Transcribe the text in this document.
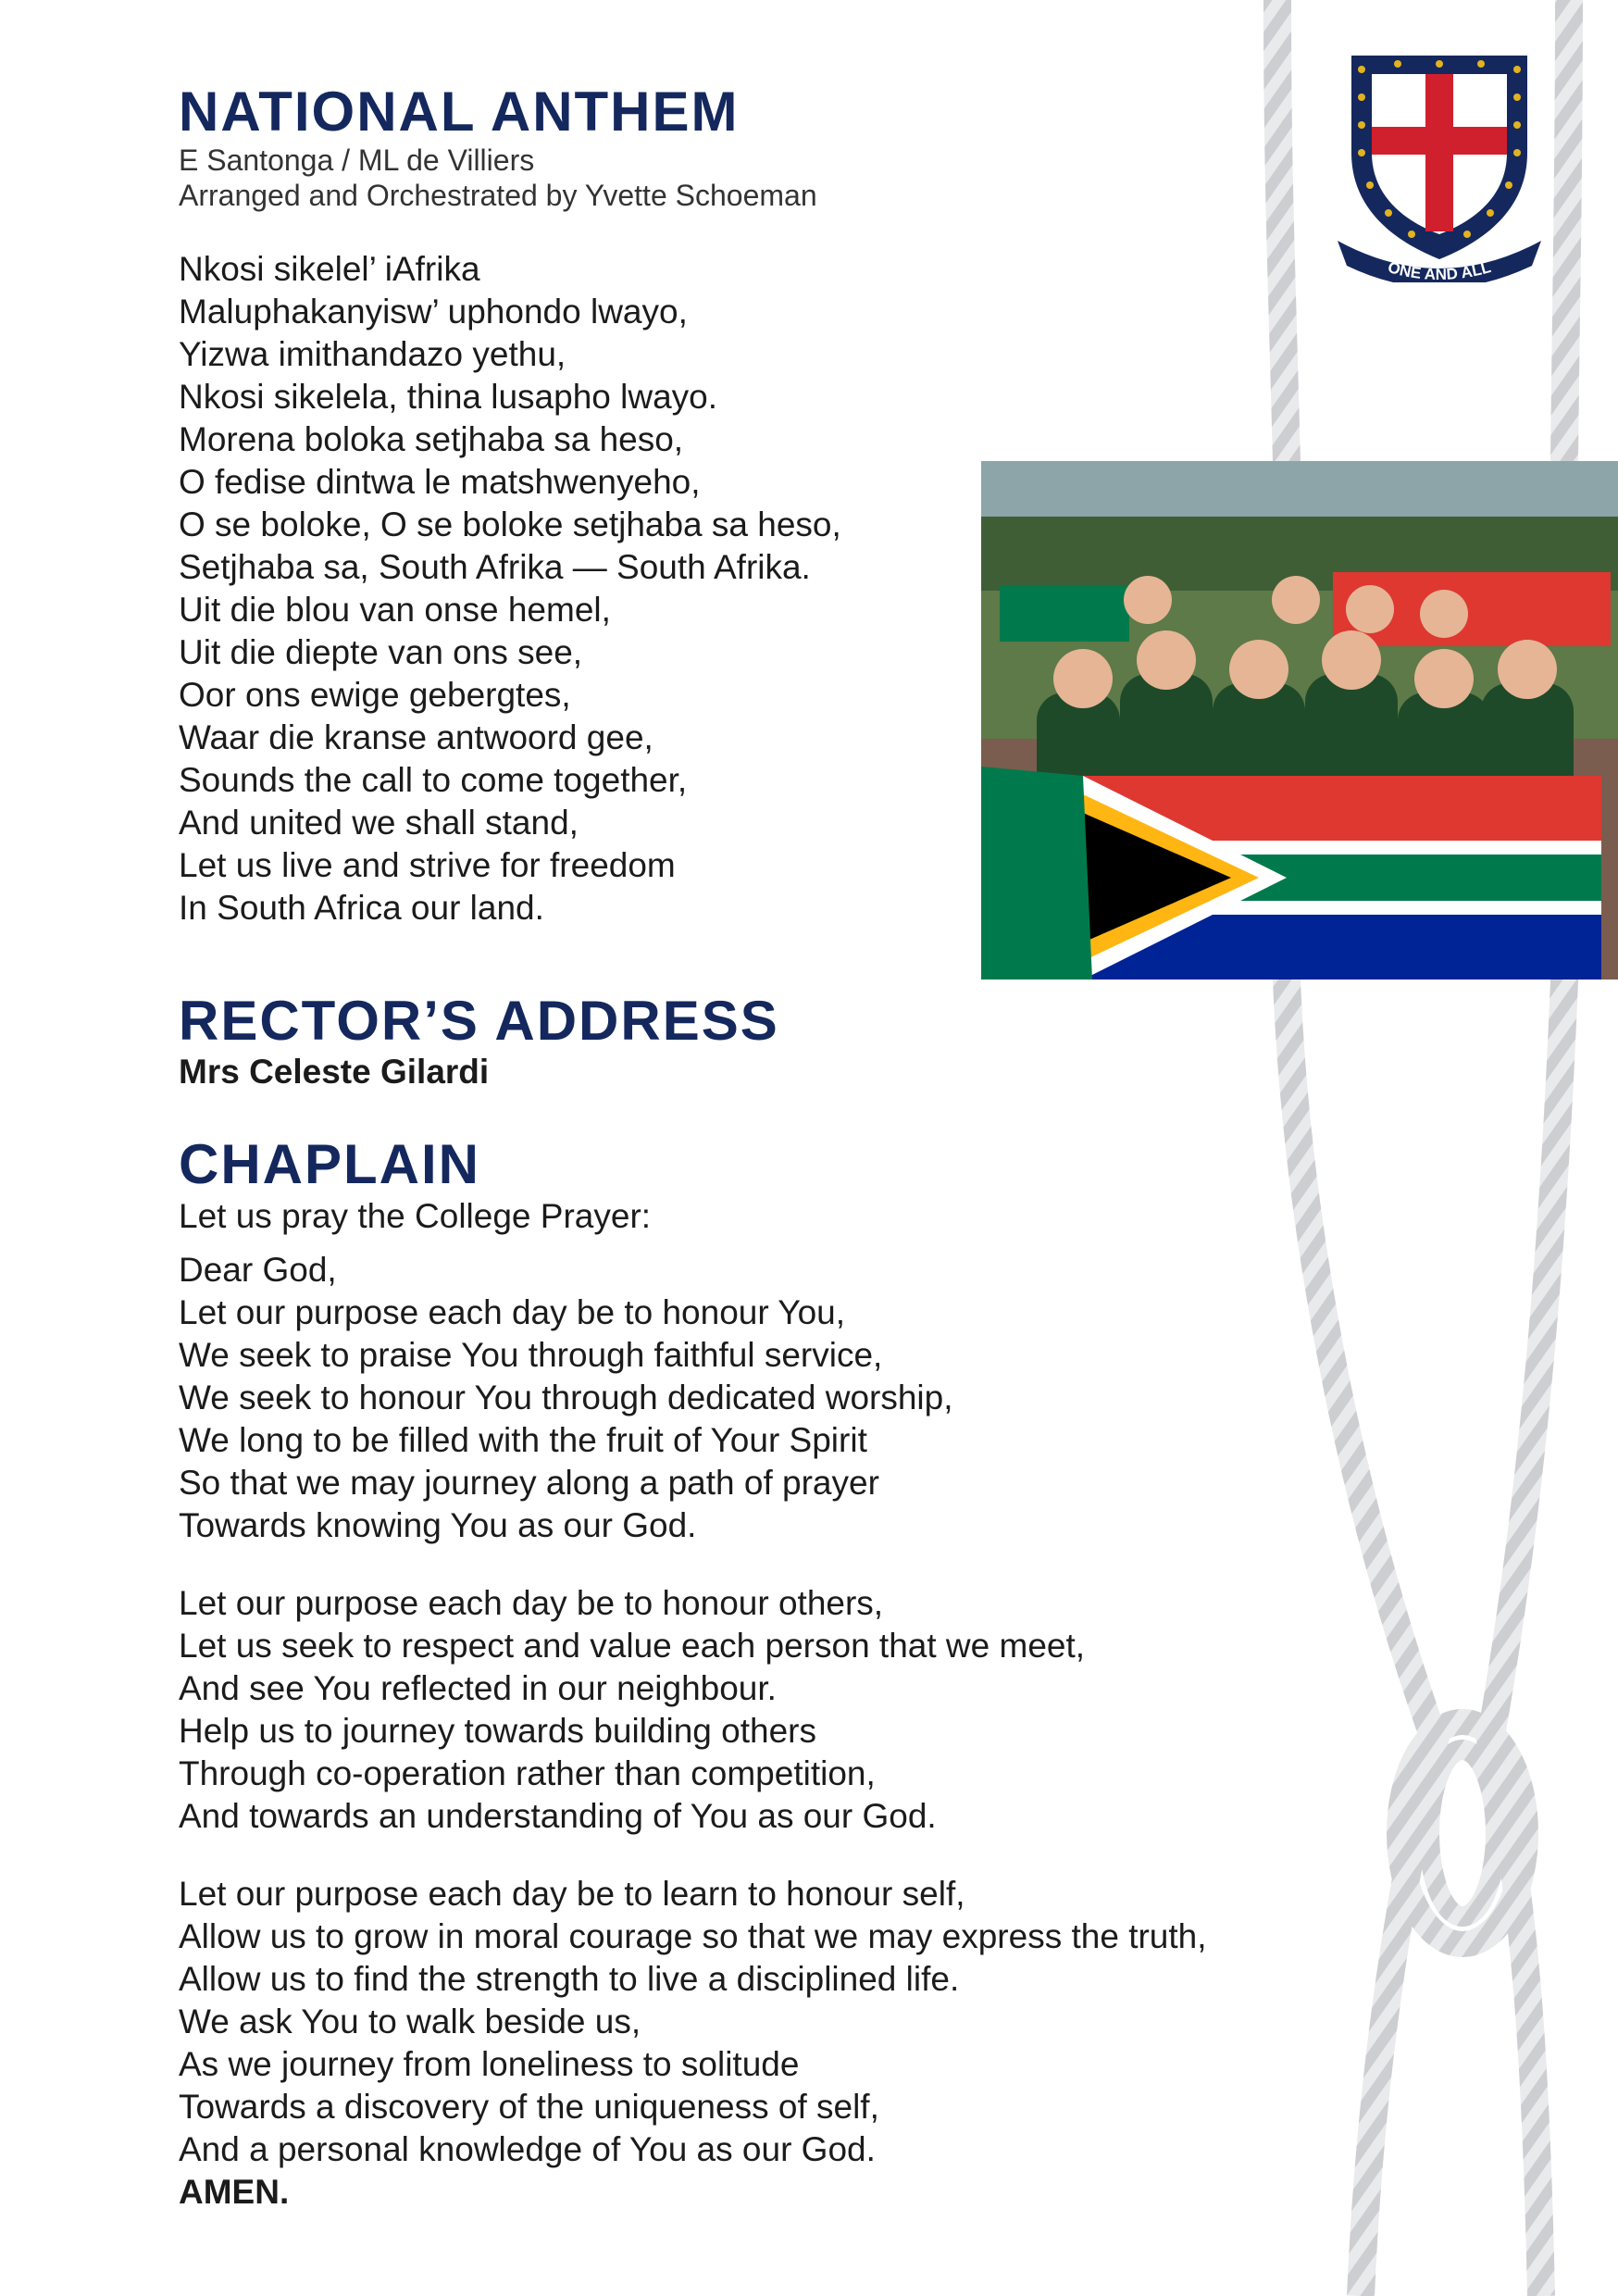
ONE AND ALL
NATIONAL ANTHEM
E Santonga / ML de Villiers
Arranged and Orchestrated by Yvette Schoeman
Nkosi sikelel’ iAfrika
Maluphakanyisw’ uphondo lwayo,
Yizwa imithandazo yethu,
Nkosi sikelela, thina lusapho lwayo.
Morena boloka setjhaba sa heso,
O fedise dintwa le matshwenyeho,
O se boloke, O se boloke setjhaba sa heso,
Setjhaba sa, South Afrika — South Afrika.
Uit die blou van onse hemel,
Uit die diepte van ons see,
Oor ons ewige gebergtes,
Waar die kranse antwoord gee,
Sounds the call to come together,
And united we shall stand,
Let us live and strive for freedom
In South Africa our land.
RECTOR’S ADDRESS
Mrs Celeste Gilardi
CHAPLAIN
Let us pray the College Prayer:
Dear God,
Let our purpose each day be to honour You,
We seek to praise You through faithful service,
We seek to honour You through dedicated worship,
We long to be filled with the fruit of Your Spirit
So that we may journey along a path of prayer
Towards knowing You as our God.
Let our purpose each day be to honour others,
Let us seek to respect and value each person that we meet,
And see You reflected in our neighbour.
Help us to journey towards building others
Through co-operation rather than competition,
And towards an understanding of You as our God.
Let our purpose each day be to learn to honour self,
Allow us to grow in moral courage so that we may express the truth,
Allow us to find the strength to live a disciplined life.
We ask You to walk beside us,
As we journey from loneliness to solitude
Towards a discovery of the uniqueness of self,
And a personal knowledge of You as our God.
AMEN.
